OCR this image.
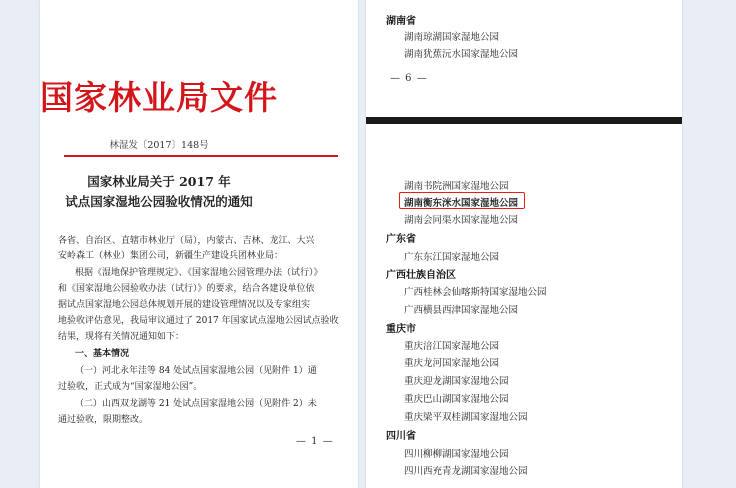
国家林业局文件
林湿发〔2017〕148号
国家林业局关于 2017 年
试点国家湿地公园验收情况的通知
各省、自治区、直辖市林业厅（局），内蒙古、吉林、龙江、大兴
安岭森工（林业）集团公司，新疆生产建设兵团林业局：
根据《湿地保护管理规定》、《国家湿地公园管理办法（试行）》
和《国家湿地公园验收办法（试行）》的要求，结合各建设单位依
据试点国家湿地公园总体规划开展的建设管理情况以及专家组实
地验收评估意见，我局审议通过了 2017 年国家试点湿地公园试点验收
结果，现将有关情况通知如下：
一、基本情况
（一）河北永年洼等 84 处试点国家湿地公园（见附件 1）通
过验收，正式成为“国家湿地公园”。
（二）山西双龙湖等 21 处试点国家湿地公园（见附件 2）未
通过验收，限期整改。
— 1 —
湖南省
湖南琼湖国家湿地公园
湖南犹蕉沅水国家湿地公园
— 6 —
湖南书院洲国家湿地公园
湖南衡东洣水国家湿地公园
湖南会同渠水国家湿地公园
广东省
广东东江国家湿地公园
广西壮族自治区
广西桂林会仙喀斯特国家湿地公园
广西横县西津国家湿地公园
重庆市
重庆涪江国家湿地公园
重庆龙河国家湿地公园
重庆迎龙湖国家湿地公园
重庆巴山湖国家湿地公园
重庆梁平双桂湖国家湿地公园
四川省
四川柳柳湖国家湿地公园
四川西充青龙湖国家湿地公园
